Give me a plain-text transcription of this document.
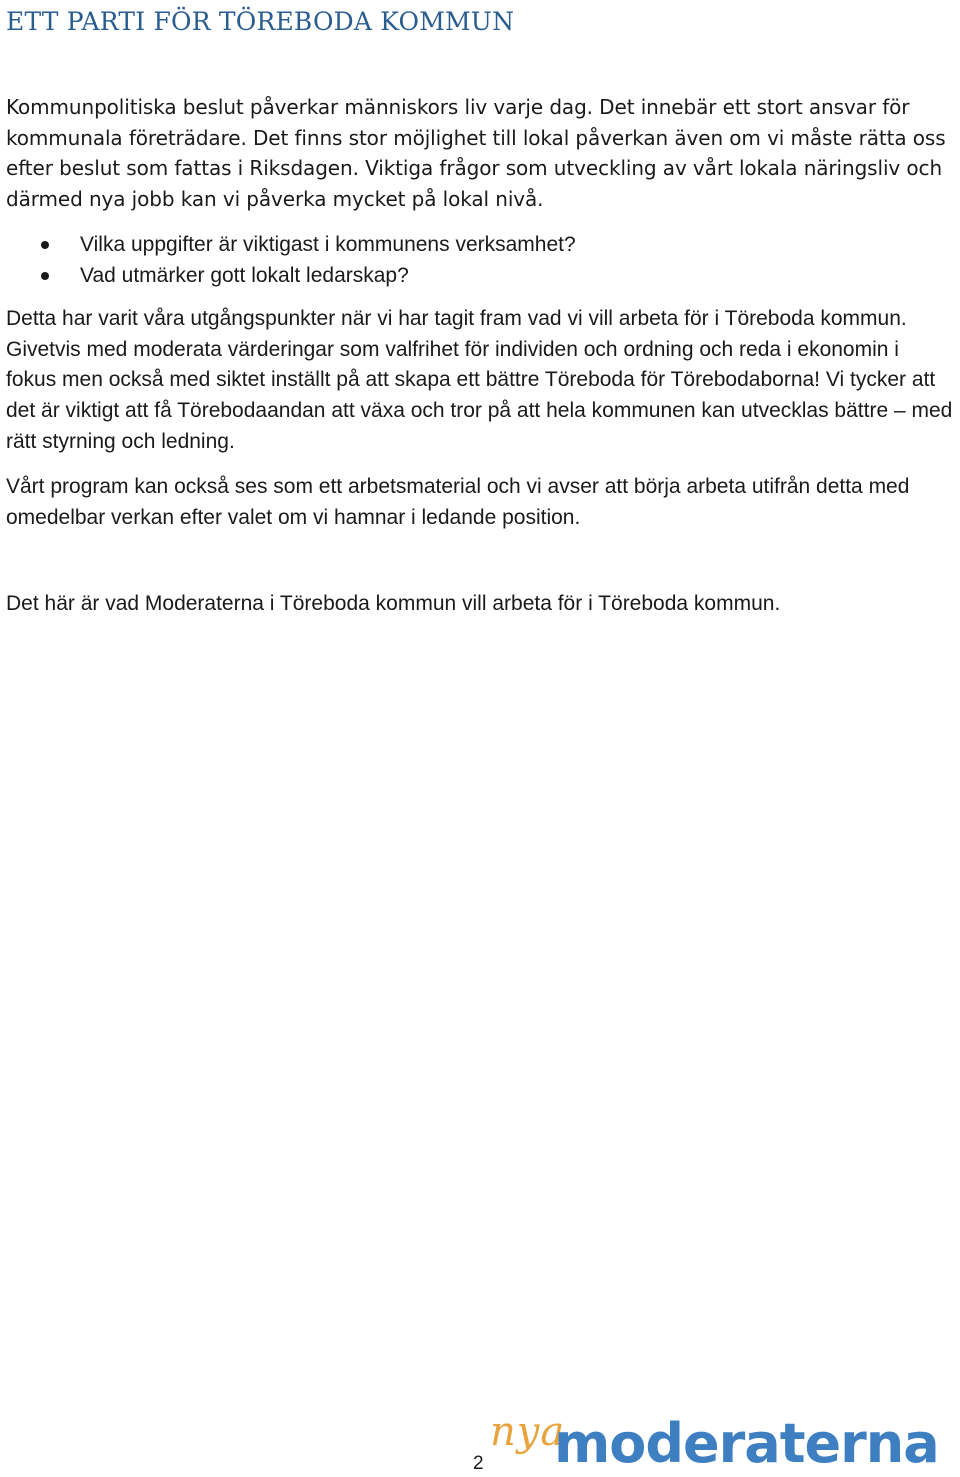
ETT PARTI FÖR TÖREBODA KOMMUN

Kommunpolitiska beslut påverkar människors liv varje dag. Det innebär ett stort ansvar för kommunala företrädare. Det finns stor möjlighet till lokal påverkan även om vi måste rätta oss efter beslut som fattas i Riksdagen. Viktiga frågor som utveckling av vårt lokala näringsliv och därmed nya jobb kan vi påverka mycket på lokal nivå.

Vilka uppgifter är viktigast i kommunens verksamhet?
Vad utmärker gott lokalt ledarskap?

Detta har varit våra utgångspunkter när vi har tagit fram vad vi vill arbeta för i Töreboda kommun. Givetvis med moderata värderingar som valfrihet för individen och ordning och reda i ekonomin i fokus men också med siktet inställt på att skapa ett bättre Töreboda för Törebodaborna! Vi tycker att det är viktigt att få Törebodaandan att växa och tror på att hela kommunen kan utvecklas bättre – med rätt styrning och ledning.

Vårt program kan också ses som ett arbetsmaterial och vi avser att börja arbeta utifrån detta med omedelbar verkan efter valet om vi hamnar i ledande position.

Det här är vad Moderaterna i Töreboda kommun vill arbeta för i Töreboda kommun.

2
nya
moderaterna
